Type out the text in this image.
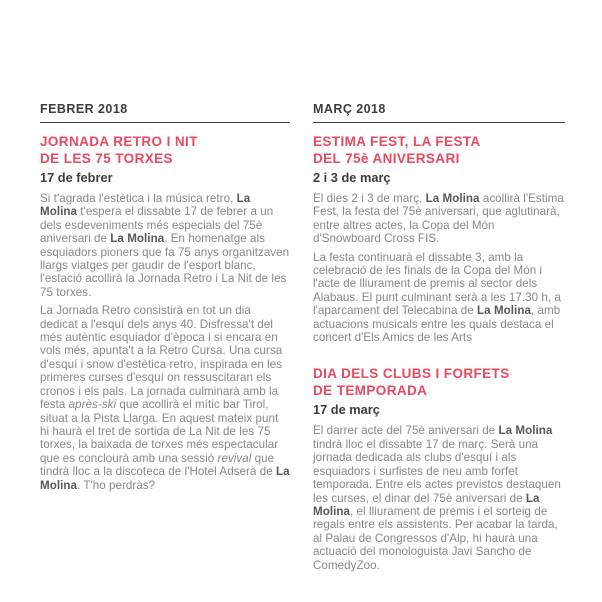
FEBRER 2018
JORNADA RETRO I NIT
DE LES 75 TORXES
17 de febrer

Si t'agrada l'estètica i la música retro, La Molina t'espera el dissabte 17 de febrer a un dels esdeveniments més especials del 75è aniversari de La Molina. En homenatge als esquiadors pioners que fa 75 anys organitzaven llargs viatges per gaudir de l'esport blanc, l'estació acollirà la Jornada Retro i La Nit de les 75 torxes.

La Jornada Retro consistirà en tot un dia dedicat a l'esquí dels anys 40. Disfressa't del més autèntic esquiador d'època i si encara en vols més, apunta't a la Retro Cursa. Una cursa d'esquí i snow d'estètica retro, inspirada en les primeres curses d'esquí on ressuscitaran els cronos i els pals. La jornada culminarà amb la festa après-ski que acollirà el mític bar Tirol, situat a la Pista Llarga. En aquest mateix punt hi haurà el tret de sortida de La Nit de les 75 torxes, la baixada de torxes més espectacular que es conclourà amb una sessió revival que tindrà lloc a la discoteca de l'Hotel Adserà de La Molina. T'ho perdràs?

MARÇ 2018
ESTIMA FEST, LA FESTA
DEL 75è ANIVERSARI
2 i 3 de març

El dies 2 i 3 de març, La Molina acollirà l'Estima Fest, la festa del 75è aniversari, que aglutinarà, entre altres actes, la Copa del Món d'Snowboard Cross FIS.

La festa continuarà el dissabte 3, amb la celebració de les finals de la Copa del Món i l'acte de lliurament de premis al sector dels Alabaus. El punt culminant serà a les 17.30 h, a l'aparcament del Telecabina de La Molina, amb actuacions musicals entre les quals destaca el concert d'Els Amics de les Arts

DIA DELS CLUBS I FORFETS
DE TEMPORADA
17 de març

El darrer acte del 75è aniversari de La Molina tindrà lloc el dissabte 17 de març. Serà una jornada dedicada als clubs d'esquí i als esquiadors i surfistes de neu amb forfet temporada. Entre els actes previstos destaquen les curses, el dinar del 75è aniversari de La Molina, el lliurament de premis i el sorteig de regals entre els assistents. Per acabar la tarda, al Palau de Congressos d'Alp, hi haurà una actuació del monologuista Javi Sancho de ComedyZoo.
